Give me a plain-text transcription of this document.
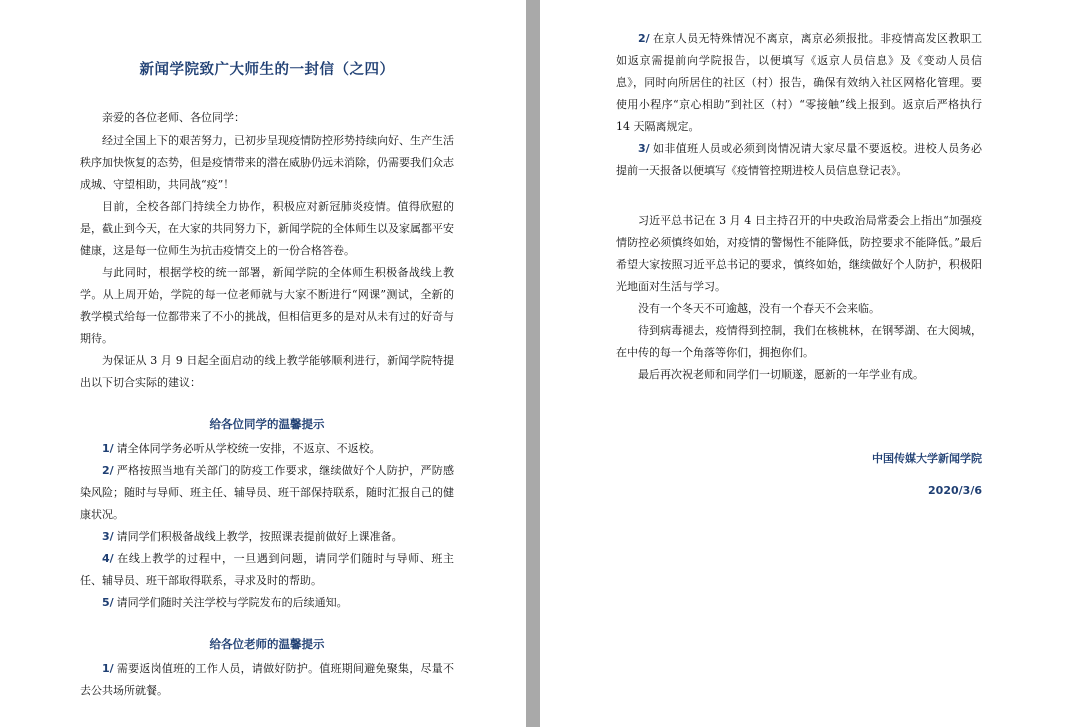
新闻学院致广大师生的一封信（之四）

亲爱的各位老师、各位同学：

经过全国上下的艰苦努力，已初步呈现疫情防控形势持续向好、生产生活秩序加快恢复的态势，但是疫情带来的潜在威胁仍远未消除，仍需要我们众志成城、守望相助，共同战“疫”！

目前，全校各部门持续全力协作，积极应对新冠肺炎疫情。值得欣慰的是，截止到今天，在大家的共同努力下，新闻学院的全体师生以及家属都平安健康，这是每一位师生为抗击疫情交上的一份合格答卷。

与此同时，根据学校的统一部署，新闻学院的全体师生积极备战线上教学。从上周开始，学院的每一位老师就与大家不断进行“网课”测试，全新的教学模式给每一位都带来了不小的挑战，但相信更多的是对从未有过的好奇与期待。

为保证从 3 月 9 日起全面启动的线上教学能够顺利进行，新闻学院特提出以下切合实际的建议：

给各位同学的温馨提示

1/ 请全体同学务必听从学校统一安排，不返京、不返校。

2/ 严格按照当地有关部门的防疫工作要求，继续做好个人防护，严防感染风险；随时与导师、班主任、辅导员、班干部保持联系，随时汇报自己的健康状况。

3/ 请同学们积极备战线上教学，按照课表提前做好上课准备。

4/ 在线上教学的过程中，一旦遇到问题，请同学们随时与导师、班主任、辅导员、班干部取得联系，寻求及时的帮助。

5/ 请同学们随时关注学校与学院发布的后续通知。

给各位老师的温馨提示

1/ 需要返岗值班的工作人员，请做好防护。值班期间避免聚集，尽量不去公共场所就餐。

2/ 在京人员无特殊情况不离京，离京必须报批。非疫情高发区教职工如返京需提前向学院报告，以便填写《返京人员信息》及《变动人员信息》，同时向所居住的社区（村）报告，确保有效纳入社区网格化管理。要使用小程序“京心相助”到社区（村）“零接触”线上报到。返京后严格执行 14 天隔离规定。

3/ 如非值班人员或必须到岗情况请大家尽量不要返校。进校人员务必提前一天报备以便填写《疫情管控期进校人员信息登记表》。

习近平总书记在 3 月 4 日主持召开的中央政治局常委会上指出“加强疫情防控必须慎终如始，对疫情的警惕性不能降低，防控要求不能降低。”最后希望大家按照习近平总书记的要求，慎终如始，继续做好个人防护，积极阳光地面对生活与学习。

没有一个冬天不可逾越，没有一个春天不会来临。

待到病毒褪去，疫情得到控制，我们在核桃林，在钢琴湖、在大阅城，在中传的每一个角落等你们，拥抱你们。

最后再次祝老师和同学们一切顺遂，愿新的一年学业有成。

中国传媒大学新闻学院

2020/3/6
